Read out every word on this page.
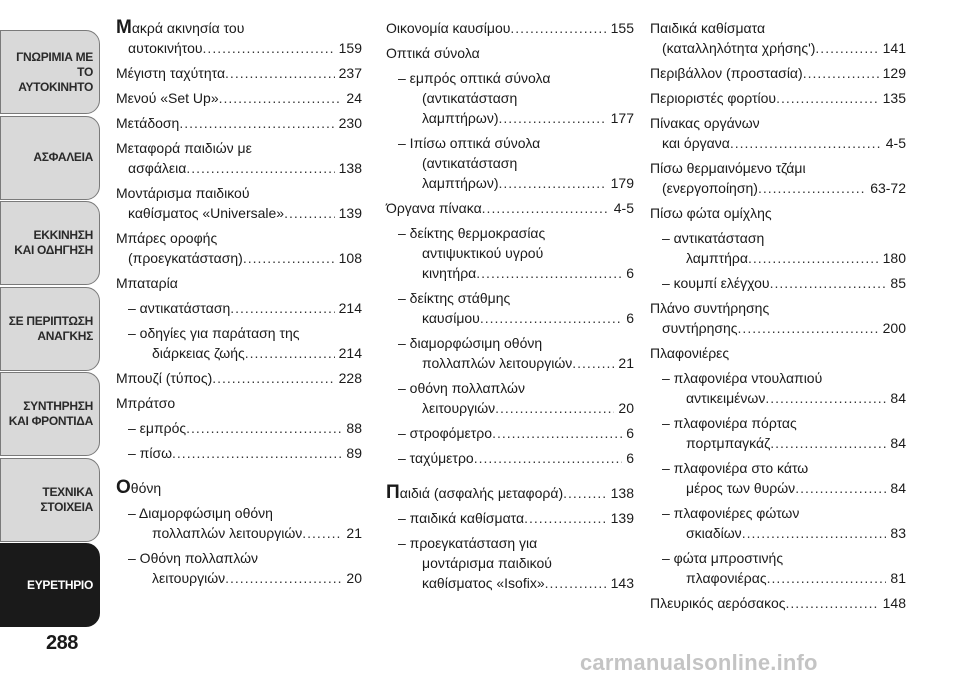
ΓΝΩΡΙΜΙΑ ΜΕ ΤΟ
ΑΥΤΟΚΙΝΗΤΟ
ΑΣΦΑΛΕΙΑ
ΕΚΚΙΝΗΣΗ
ΚΑΙ ΟΔΗΓΗΣΗ
ΣΕ ΠΕΡΙΠΤΩΣΗ
ΑΝΑΓΚΗΣ
ΣΥΝΤΗΡΗΣΗ
ΚΑΙ ΦΡΟΝΤΙΔΑ
ΤΕΧΝΙΚΑ
ΣΤΟΙΧΕΙΑ
ΕΥΡΕΤΗΡΙΟ
288
Μακρά ακινησία του
αυτοκινήτου .....	159
Μέγιστη ταχύτητα .....	237
Μενού «Set Up» .....	24
Μετάδοση .....	230
Μεταφορά παιδιών με
ασφάλεια .....	138
Μοντάρισμα παιδικού
καθίσματος «Universale» .....	139
Μπάρες οροφής
(προεγκατάσταση) .....	108
Μπαταρία
– αντικατάσταση .....	214
– οδηγίες για παράταση της
διάρκειας ζωής .....	214
Μπουζί (τύπος) .....	228
Μπράτσο
– εμπρός .....	88
– πίσω .....	89
Οθόνη
– Διαμορφώσιμη οθόνη
πολλαπλών λειτουργιών .....	21
– Οθόνη πολλαπλών
λειτουργιών .....	20
Οικονομία καυσίμου .....	155
Οπτικά σύνολα
– εμπρός οπτικά σύνολα
(αντικατάσταση
λαμπτήρων) .....	177
– Ιπίσω οπτικά σύνολα
(αντικατάσταση
λαμπτήρων) .....	179
Όργανα πίνακα .....	4-5
– δείκτης θερμοκρασίας
αντιψυκτικού υγρού
κινητήρα .....	6
– δείκτης στάθμης
καυσίμου .....	6
– διαμορφώσιμη οθόνη
πολλαπλών λειτουργιών .....	21
– οθόνη πολλαπλών
λειτουργιών .....	20
– στροφόμετρο .....	6
– ταχύμετρο .....	6
Παιδιά (ασφαλής μεταφορά) .....	138
– παιδικά καθίσματα .....	139
– προεγκατάσταση για
μοντάρισμα παιδικού
καθίσματος «Isofix» .....	143
Παιδικά καθίσματα
(καταλληλότητα χρήσης') .....	141
Περιβάλλον (προστασία) .....	129
Περιοριστές φορτίου .....	135
Πίνακας οργάνων
και όργανα .....	4-5
Πίσω θερμαινόμενο τζάμι
(ενεργοποίηση) .....	63-72
Πίσω φώτα ομίχλης
– αντικατάσταση
λαμπτήρα .....	180
– κουμπί ελέγχου .....	85
Πλάνο συντήρησης
συντήρησης .....	200
Πλαφονιέρες
– πλαφονιέρα ντουλαπιού
αντικειμένων .....	84
– πλαφονιέρα πόρτας
πορτμπαγκάζ .....	84
– πλαφονιέρα στο κάτω
μέρος των θυρών .....	84
– πλαφονιέρες φώτων
σκιαδίων .....	83
– φώτα μπροστινής
πλαφονιέρας .....	81
Πλευρικός αερόσακος .....	148
carmanualsonline.info
